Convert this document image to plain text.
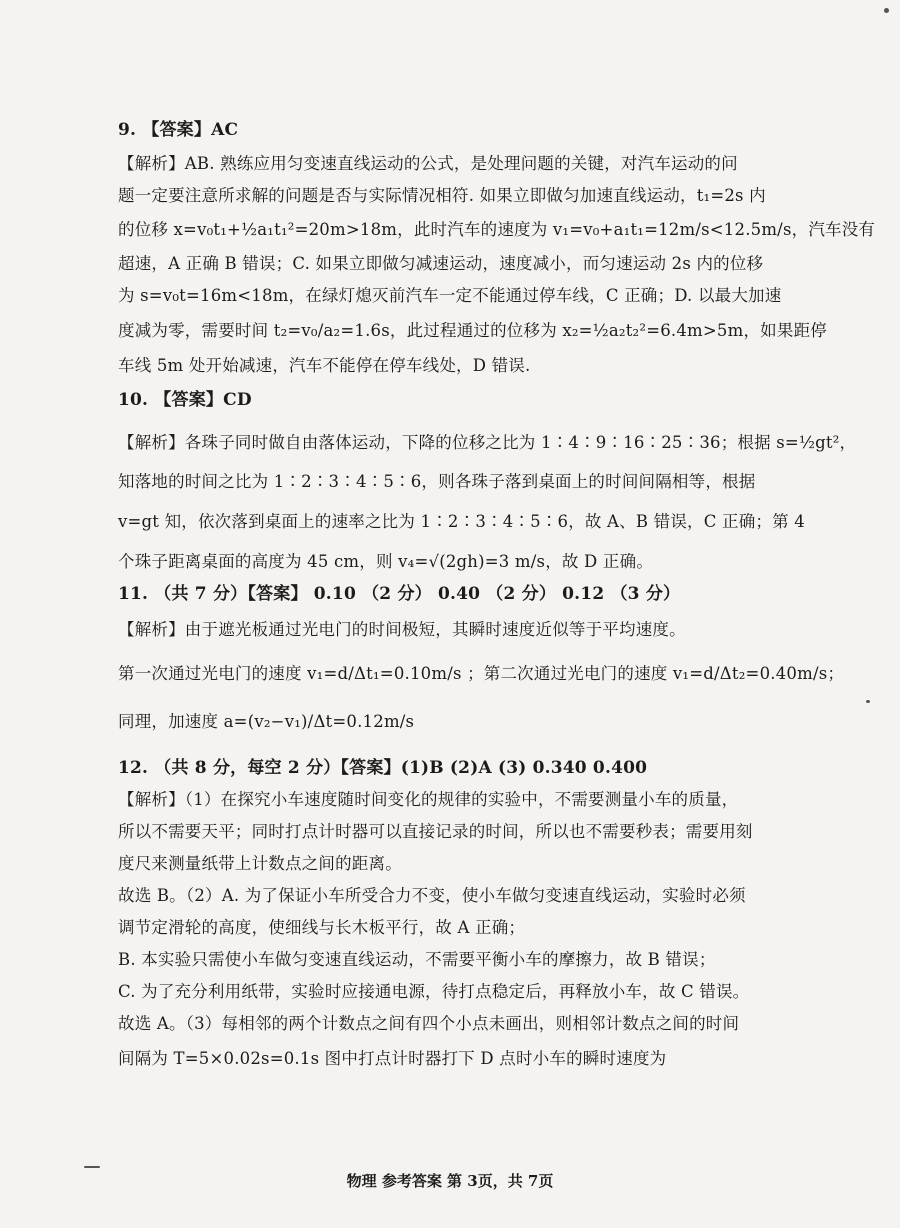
9. 【答案】AC
【解析】AB. 熟练应用匀变速直线运动的公式，是处理问题的关键，对汽车运动的问
题一定要注意所求解的问题是否与实际情况相符. 如果立即做匀加速直线运动，t₁=2s 内
的位移 x=v₀t₁+½a₁t₁²=20m>18m，此时汽车的速度为 v₁=v₀+a₁t₁=12m/s<12.5m/s，汽车没有
超速，A 正确 B 错误；C. 如果立即做匀减速运动，速度减小，而匀速运动 2s 内的位移
为 s=v₀t=16m<18m，在绿灯熄灭前汽车一定不能通过停车线，C 正确；D. 以最大加速
度减为零，需要时间 t₂=v₀/a₂=1.6s，此过程通过的位移为 x₂=½a₂t₂²=6.4m>5m，如果距停
车线 5m 处开始减速，汽车不能停在停车线处，D 错误.
10. 【答案】CD
【解析】各珠子同时做自由落体运动，下降的位移之比为 1∶4∶9∶16∶25∶36；根据 s=½gt²，
知落地的时间之比为 1∶2∶3∶4∶5∶6，则各珠子落到桌面上的时间间隔相等，根据
v=gt 知，依次落到桌面上的速率之比为 1∶2∶3∶4∶5∶6，故 A、B 错误，C 正确；第 4
个珠子距离桌面的高度为 45 cm，则 v₄=√(2gh)=3 m/s，故 D 正确。
11. （共 7 分）【答案】 0.10 （2 分） 0.40 （2 分） 0.12 （3 分）
【解析】由于遮光板通过光电门的时间极短，其瞬时速度近似等于平均速度。
第一次通过光电门的速度 v₁=d/Δt₁=0.10m/s ；第二次通过光电门的速度 v₁=d/Δt₂=0.40m/s；
同理，加速度 a=(v₂−v₁)/Δt=0.12m/s
12. （共 8 分，每空 2 分）【答案】(1)B (2)A (3) 0.340 0.400
【解析】（1）在探究小车速度随时间变化的规律的实验中，不需要测量小车的质量，
所以不需要天平；同时打点计时器可以直接记录的时间，所以也不需要秒表；需要用刻
度尺来测量纸带上计数点之间的距离。
故选 B。（2）A. 为了保证小车所受合力不变，使小车做匀变速直线运动，实验时必须
调节定滑轮的高度，使细线与长木板平行，故 A 正确；
B. 本实验只需使小车做匀变速直线运动，不需要平衡小车的摩擦力，故 B 错误；
C. 为了充分利用纸带，实验时应接通电源，待打点稳定后，再释放小车，故 C 错误。
故选 A。（3）每相邻的两个计数点之间有四个小点未画出，则相邻计数点之间的时间
间隔为 T=5×0.02s=0.1s 图中打点计时器打下 D 点时小车的瞬时速度为
物理 参考答案 第 3页，共 7页
